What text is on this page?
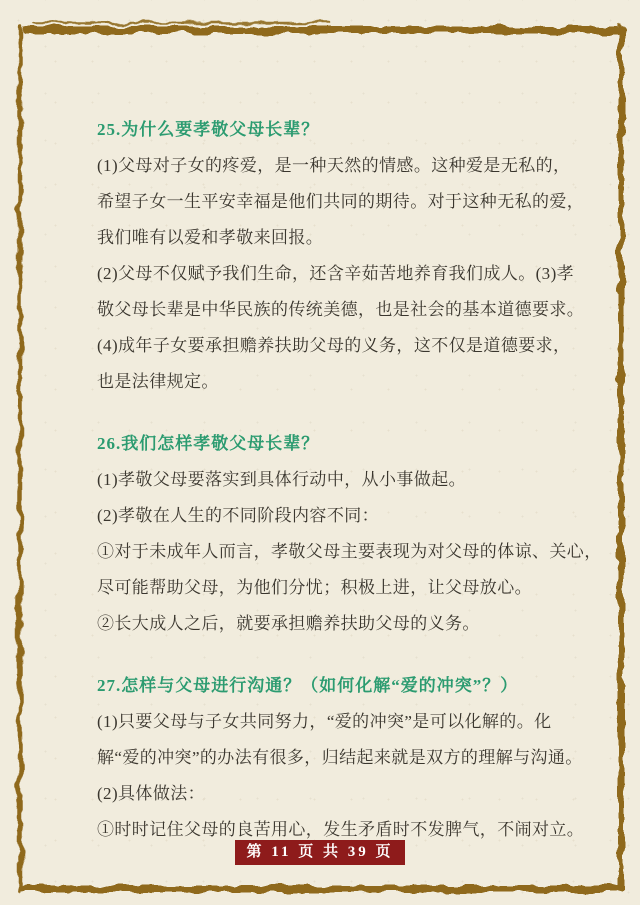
25.为什么要孝敬父母长辈？
(1)父母对子女的疼爱，是一种天然的情感。这种爱是无私的，
希望子女一生平安幸福是他们共同的期待。对于这种无私的爱，
我们唯有以爱和孝敬来回报。
(2)父母不仅赋予我们生命，还含辛茹苦地养育我们成人。(3)孝
敬父母长辈是中华民族的传统美德，也是社会的基本道德要求。
(4)成年子女要承担赡养扶助父母的义务，这不仅是道德要求，
也是法律规定。
26.我们怎样孝敬父母长辈？
(1)孝敬父母要落实到具体行动中，从小事做起。
(2)孝敬在人生的不同阶段内容不同：
①对于未成年人而言，孝敬父母主要表现为对父母的体谅、关心，
尽可能帮助父母，为他们分忧；积极上进，让父母放心。
②长大成人之后，就要承担赡养扶助父母的义务。
27.怎样与父母进行沟通？（如何化解“爱的冲突”？）
(1)只要父母与子女共同努力，“爱的冲突”是可以化解的。化
解“爱的冲突”的办法有很多，归结起来就是双方的理解与沟通。
(2)具体做法：
①时时记住父母的良苦用心，发生矛盾时不发脾气，不闹对立。
第 11 页 共 39 页
